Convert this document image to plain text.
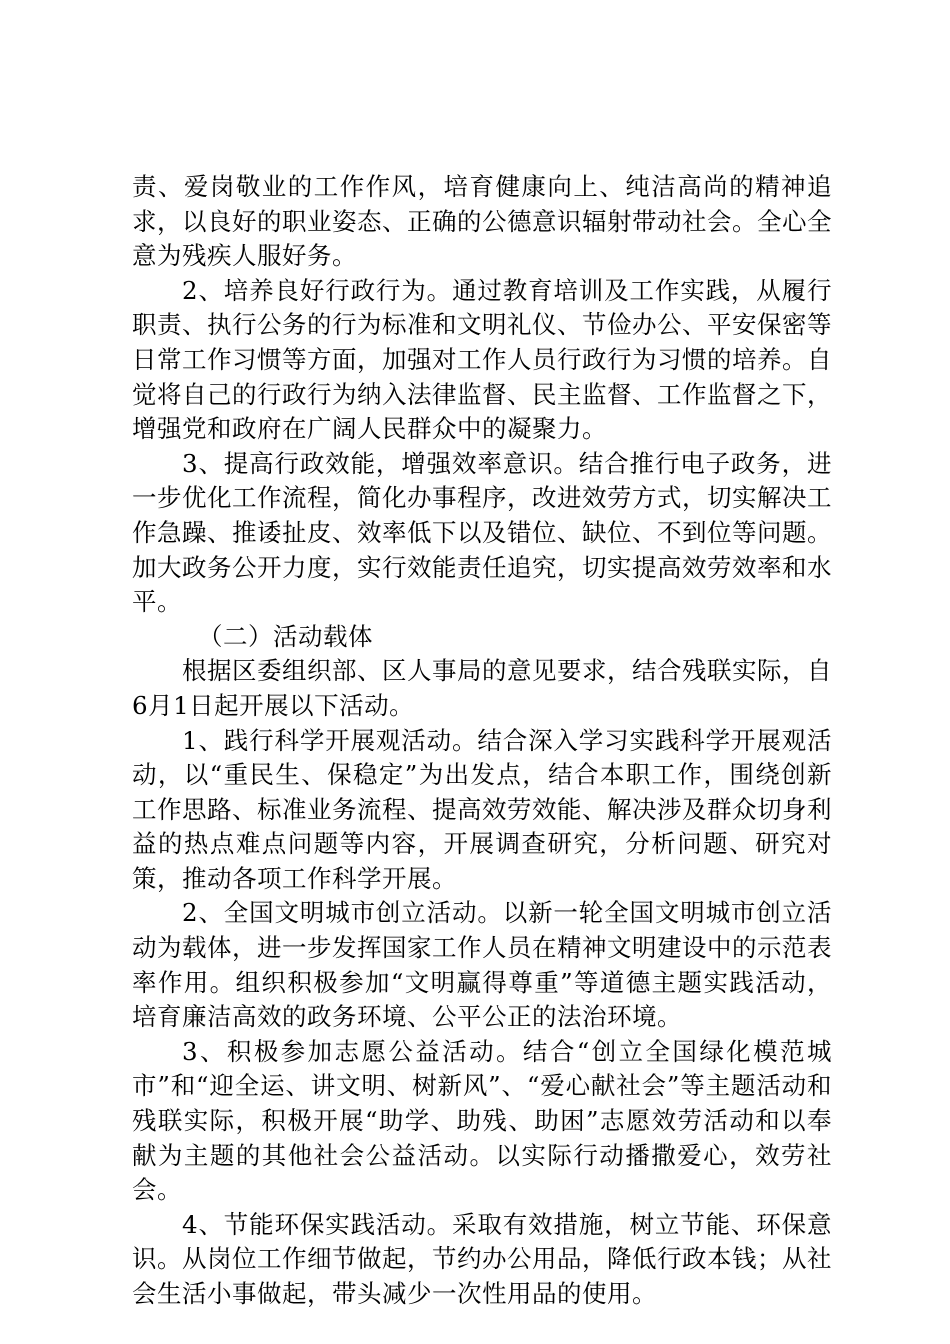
责、爱岗敬业的工作作风，培育健康向上、纯洁高尚的精神追求，以良好的职业姿态、正确的公德意识辐射带动社会。全心全意为残疾人服好务。

2、培养良好行政行为。通过教育培训及工作实践，从履行职责、执行公务的行为标准和文明礼仪、节俭办公、平安保密等日常工作习惯等方面，加强对工作人员行政行为习惯的培养。自觉将自己的行政行为纳入法律监督、民主监督、工作监督之下，增强党和政府在广阔人民群众中的凝聚力。

3、提高行政效能，增强效率意识。结合推行电子政务，进一步优化工作流程，简化办事程序，改进效劳方式，切实解决工作急躁、推诿扯皮、效率低下以及错位、缺位、不到位等问题。加大政务公开力度，实行效能责任追究，切实提高效劳效率和水平。

（二）活动载体

根据区委组织部、区人事局的意见要求，结合残联实际，自6月1日起开展以下活动。

1、践行科学开展观活动。结合深入学习实践科学开展观活动，以“重民生、保稳定”为出发点，结合本职工作，围绕创新工作思路、标准业务流程、提高效劳效能、解决涉及群众切身利益的热点难点问题等内容，开展调查研究，分析问题、研究对策，推动各项工作科学开展。

2、全国文明城市创立活动。以新一轮全国文明城市创立活动为载体，进一步发挥国家工作人员在精神文明建设中的示范表率作用。组织积极参加“文明赢得尊重”等道德主题实践活动，培育廉洁高效的政务环境、公平公正的法治环境。

3、积极参加志愿公益活动。结合“创立全国绿化模范城市”和“迎全运、讲文明、树新风”、“爱心献社会”等主题活动和残联实际，积极开展“助学、助残、助困”志愿效劳活动和以奉献为主题的其他社会公益活动。以实际行动播撒爱心，效劳社会。

4、节能环保实践活动。采取有效措施，树立节能、环保意识。从岗位工作细节做起，节约办公用品，降低行政本钱；从社会生活小事做起，带头减少一次性用品的使用。
